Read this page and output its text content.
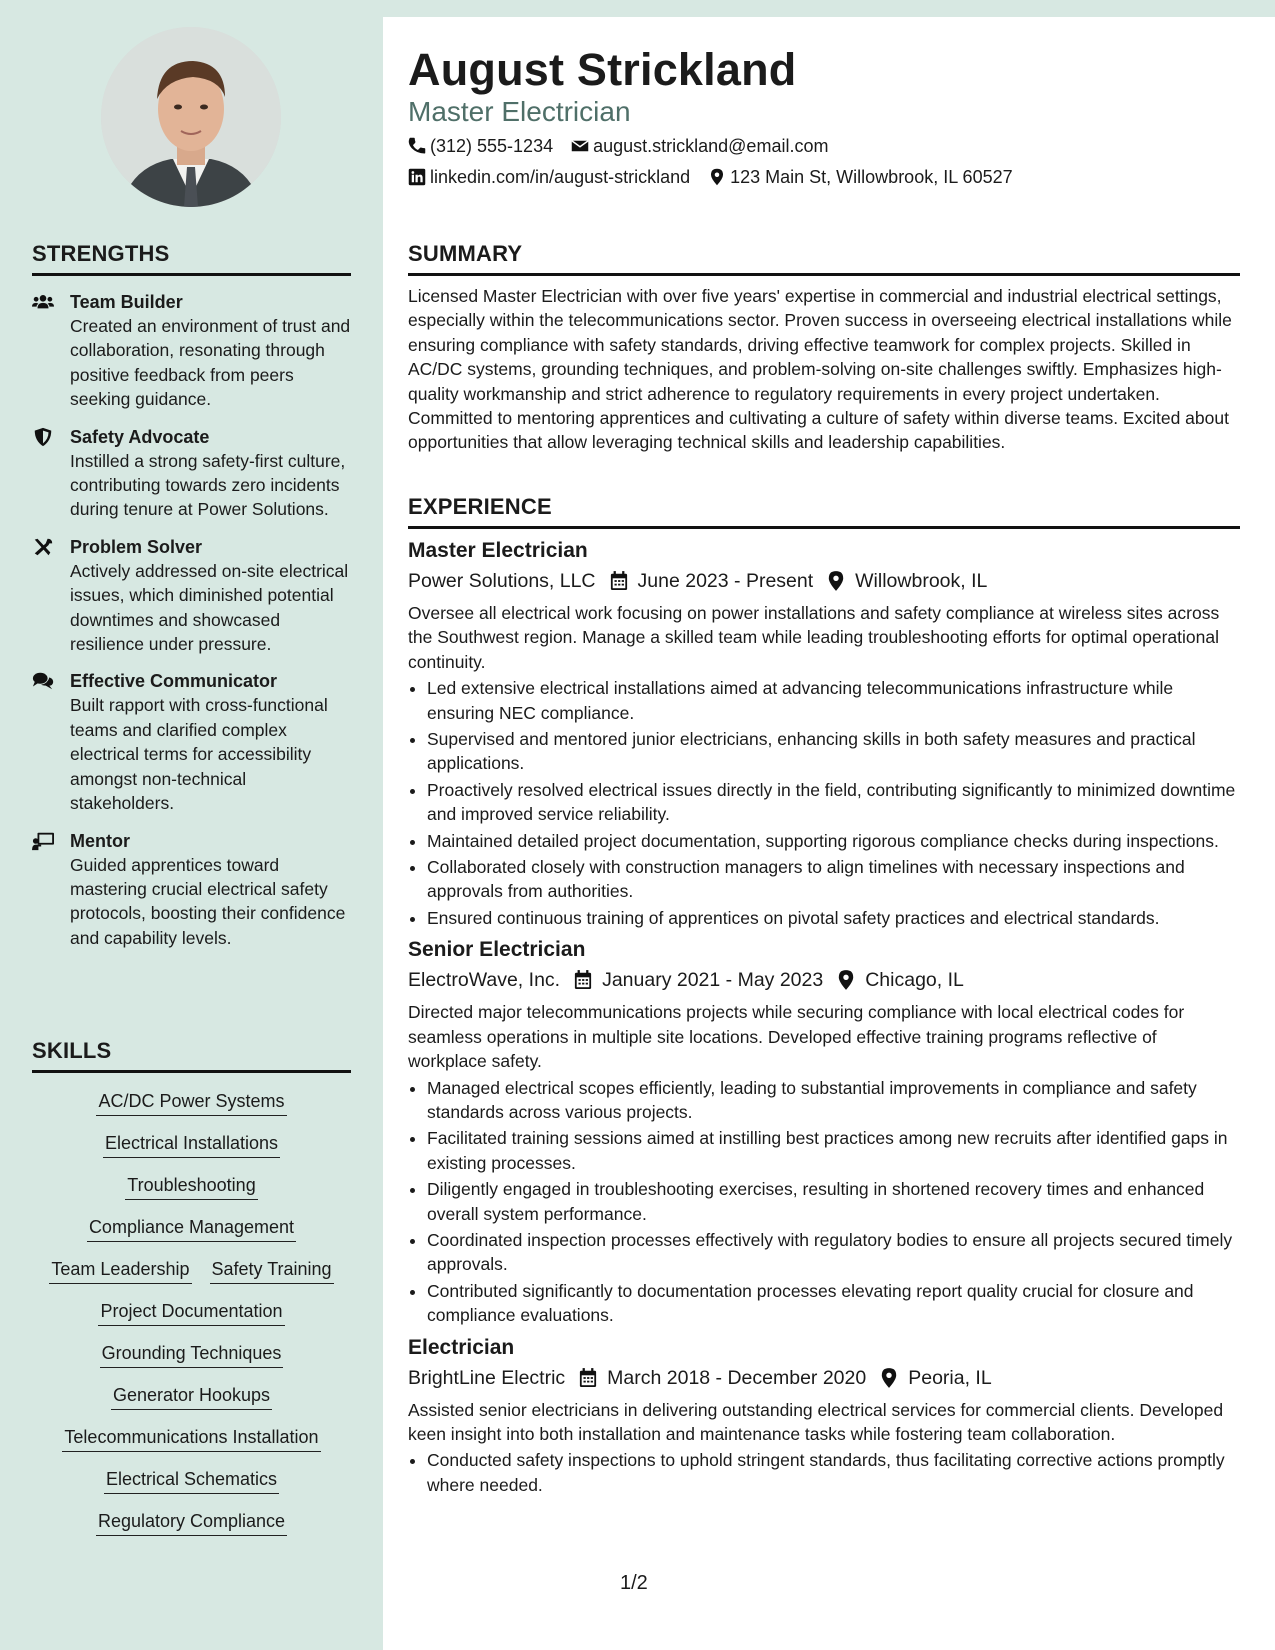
STRENGTHS
Team Builder
Created an environment of trust and collaboration, resonating through positive feedback from peers seeking guidance.
Safety Advocate
Instilled a strong safety-first culture, contributing towards zero incidents during tenure at Power Solutions.
Problem Solver
Actively addressed on-site electrical issues, which diminished potential downtimes and showcased resilience under pressure.
Effective Communicator
Built rapport with cross-functional teams and clarified complex electrical terms for accessibility amongst non-technical stakeholders.
Mentor
Guided apprentices toward mastering crucial electrical safety protocols, boosting their confidence and capability levels.
SKILLS
AC/DC Power Systems
Electrical Installations
Troubleshooting
Compliance Management
Team Leadership Safety Training
Project Documentation
Grounding Techniques
Generator Hookups
Telecommunications Installation
Electrical Schematics
Regulatory Compliance
August Strickland
Master Electrician
(312) 555-1234 august.strickland@email.com
linkedin.com/in/august-strickland 123 Main St, Willowbrook, IL 60527
SUMMARY

Licensed Master Electrician with over five years' expertise in commercial and industrial electrical settings, especially within the telecommunications sector. Proven success in overseeing electrical installations while ensuring compliance with safety standards, driving effective teamwork for complex projects. Skilled in AC/DC systems, grounding techniques, and problem-solving on-site challenges swiftly. Emphasizes high-quality workmanship and strict adherence to regulatory requirements in every project undertaken. Committed to mentoring apprentices and cultivating a culture of safety within diverse teams. Excited about opportunities that allow leveraging technical skills and leadership capabilities.

EXPERIENCE
Master Electrician
Power Solutions, LLC June 2023 - Present Willowbrook, IL

Oversee all electrical work focusing on power installations and safety compliance at wireless sites across the Southwest region. Manage a skilled team while leading troubleshooting efforts for optimal operational continuity.

• Led extensive electrical installations aimed at advancing telecommunications infrastructure while ensuring NEC compliance.
• Supervised and mentored junior electricians, enhancing skills in both safety measures and practical applications.
• Proactively resolved electrical issues directly in the field, contributing significantly to minimized downtime and improved service reliability.
• Maintained detailed project documentation, supporting rigorous compliance checks during inspections.
• Collaborated closely with construction managers to align timelines with necessary inspections and approvals from authorities.
• Ensured continuous training of apprentices on pivotal safety practices and electrical standards.
Senior Electrician
ElectroWave, Inc. January 2021 - May 2023 Chicago, IL

Directed major telecommunications projects while securing compliance with local electrical codes for seamless operations in multiple site locations. Developed effective training programs reflective of workplace safety.

• Managed electrical scopes efficiently, leading to substantial improvements in compliance and safety standards across various projects.
• Facilitated training sessions aimed at instilling best practices among new recruits after identified gaps in existing processes.
• Diligently engaged in troubleshooting exercises, resulting in shortened recovery times and enhanced overall system performance.
• Coordinated inspection processes effectively with regulatory bodies to ensure all projects secured timely approvals.
• Contributed significantly to documentation processes elevating report quality crucial for closure and compliance evaluations.
Electrician
BrightLine Electric March 2018 - December 2020 Peoria, IL

Assisted senior electricians in delivering outstanding electrical services for commercial clients. Developed keen insight into both installation and maintenance tasks while fostering team collaboration.

• Conducted safety inspections to uphold stringent standards, thus facilitating corrective actions promptly where needed.
1/2
